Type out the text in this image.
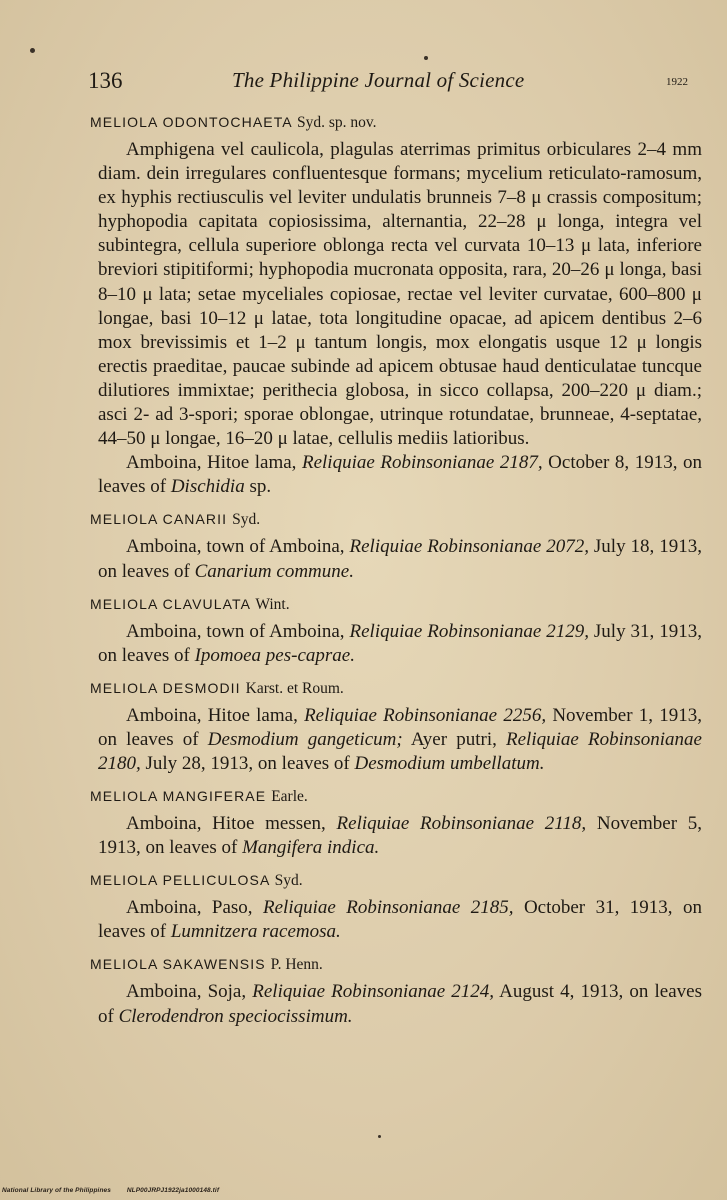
136	The Philippine Journal of Science	1922

MELIOLA ODONTOCHAETA Syd. sp. nov.

Amphigena vel caulicola, plagulas aterrimas primitus orbiculares 2–4 mm diam. dein irregulares confluentesque formans; mycelium reticulato-ramosum, ex hyphis rectiusculis vel leviter undulatis brunneis 7–8 μ crassis compositum; hyphopodia capitata copiosissima, alternantia, 22–28 μ longa, integra vel subintegra, cellula superiore oblonga recta vel curvata 10–13 μ lata, inferiore breviori stipitiformi; hyphopodia mucronata opposita, rara, 20–26 μ longa, basi 8–10 μ lata; setae myceliales copiosae, rectae vel leviter curvatae, 600–800 μ longae, basi 10–12 μ latae, tota longitudine opacae, ad apicem dentibus 2–6 mox brevissimis et 1–2 μ tantum longis, mox elongatis usque 12 μ longis erectis praeditae, paucae subinde ad apicem obtusae haud denticulatae tuncque dilutiores immixtae; perithecia globosa, in sicco collapsa, 200–220 μ diam.; asci 2- ad 3-spori; sporae oblongae, utrinque rotundatae, brunneae, 4-septatae, 44–50 μ longae, 16–20 μ latae, cellulis mediis latioribus.

Amboina, Hitoe lama, Reliquiae Robinsonianae 2187, October 8, 1913, on leaves of Dischidia sp.

MELIOLA CANARII Syd.

Amboina, town of Amboina, Reliquiae Robinsonianae 2072, July 18, 1913, on leaves of Canarium commune.

MELIOLA CLAVULATA Wint.

Amboina, town of Amboina, Reliquiae Robinsonianae 2129, July 31, 1913, on leaves of Ipomoea pes-caprae.

MELIOLA DESMODII Karst. et Roum.

Amboina, Hitoe lama, Reliquiae Robinsonianae 2256, November 1, 1913, on leaves of Desmodium gangeticum; Ayer putri, Reliquiae Robinsonianae 2180, July 28, 1913, on leaves of Desmodium umbellatum.

MELIOLA MANGIFERAE Earle.

Amboina, Hitoe messen, Reliquiae Robinsonianae 2118, November 5, 1913, on leaves of Mangifera indica.

MELIOLA PELLICULOSA Syd.

Amboina, Paso, Reliquiae Robinsonianae 2185, October 31, 1913, on leaves of Lumnitzera racemosa.

MELIOLA SAKAWENSIS P. Henn.

Amboina, Soja, Reliquiae Robinsonianae 2124, August 4, 1913, on leaves of Clerodendron speciocissimum.

National Library of the Philippines NLP00JRPJ1922ja1000148.tif
